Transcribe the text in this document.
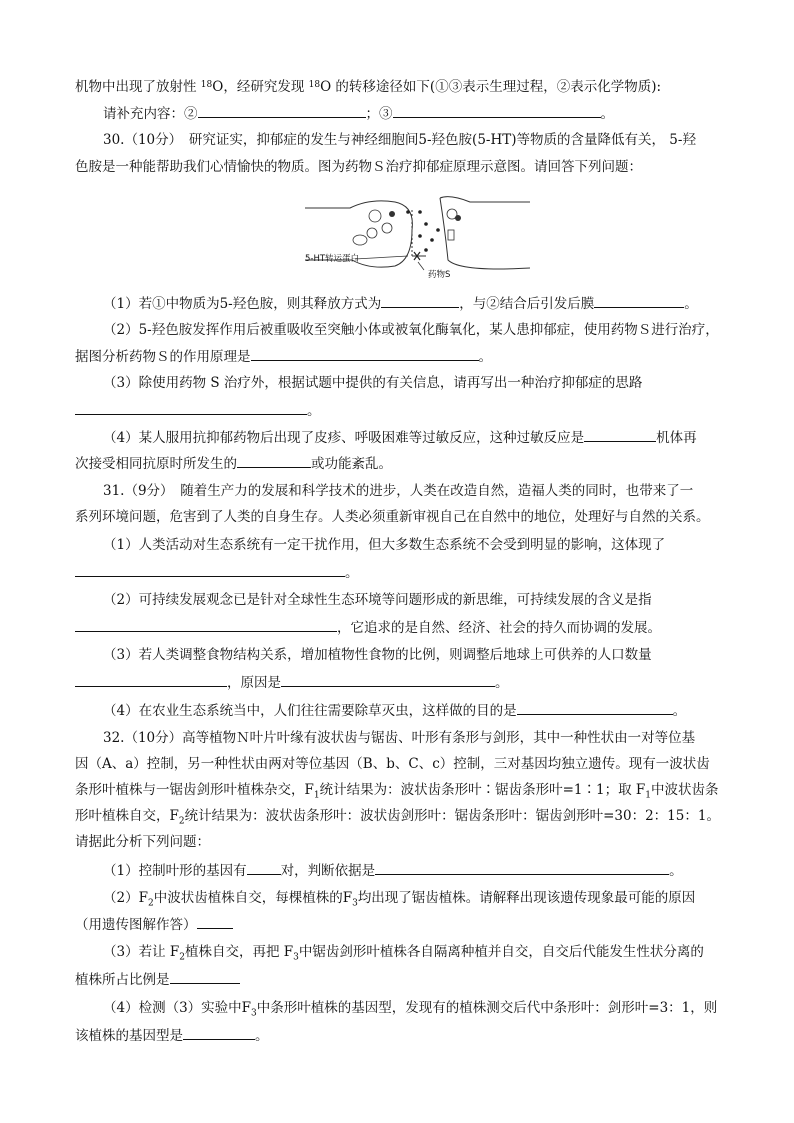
机物中出现了放射性 $^{18}$O，经研究发现 $^{18}$O 的转移途径如下(①③表示生理过程，②表示化学物质):
请补充内容：②	；③	。
30.（10分）　研究证实，抑郁症的发生与神经细胞间5-羟色胺(5-HT)等物质的含量降低有关， 5-羟
色胺是一种能帮助我们心情愉快的物质。图为药物Ｓ治疗抑郁症原理示意图。请回答下列问题：
5-HT转运蛋白
药物S
（1）若①中物质为5-羟色胺，则其释放方式为	，与②结合后引发后膜	。
（2）5-羟色胺发挥作用后被重吸收至突触小体或被氧化酶氧化，某人患抑郁症，使用药物Ｓ进行治疗，
据图分析药物Ｓ的作用原理是	。
（3）除使用药物 S 治疗外，根据试题中提供的有关信息，请再写出一种治疗抑郁症的思路
。
（4）某人服用抗抑郁药物后出现了皮疹、呼吸困难等过敏反应，这种过敏反应是	机体再
次接受相同抗原时所发生的	或功能紊乱。
31.（9分）　随着生产力的发展和科学技术的进步，人类在改造自然，造福人类的同时，也带来了一
系列环境问题，危害到了人类的自身生存。人类必须重新审视自己在自然中的地位，处理好与自然的关系。
（1）人类活动对生态系统有一定干扰作用，但大多数生态系统不会受到明显的影响，这体现了
。
（2）可持续发展观念已是针对全球性生态环境等问题形成的新思维，可持续发展的含义是指
，它追求的是自然、经济、社会的持久而协调的发展。
（3）若人类调整食物结构关系，增加植物性食物的比例，则调整后地球上可供养的人口数量
，原因是	。
（4）在农业生态系统当中，人们往往需要除草灭虫，这样做的目的是	。
32.（10分）高等植物Ｎ叶片叶缘有波状齿与锯齿、叶形有条形与剑形，其中一种性状由一对等位基
因（A、a）控制，另一种性状由两对等位基因（B、b、C、c）控制，三对基因均独立遗传。现有一波状齿
条形叶植株与一锯齿剑形叶植株杂交，$F_1$统计结果为：波状齿条形叶∶锯齿条形叶=1∶1；取 $F_1$中波状齿条
形叶植株自交，$F_2$统计结果为：波状齿条形叶：波状齿剑形叶：锯齿条形叶：锯齿剑形叶=30：2：15：1。
请据此分析下列问题：
（1）控制叶形的基因有	对，判断依据是	。
$(2)F_2$中波状齿植株自交，每棵植株的$F_3$均出现了锯齿植株。请解释出现该遗传现象最可能的原因
（用遗传图解作答）
（3）若让 $F_2$植株自交，再把 $F_3$中锯齿剑形叶植株各自隔离种植并自交，自交后代能发生性状分离的
植株所占比例是
（4）检测（3）实验中$F_3$中条形叶植株的基因型，发现有的植株测交后代中条形叶：剑形叶=3：1，则
该植株的基因型是	。
